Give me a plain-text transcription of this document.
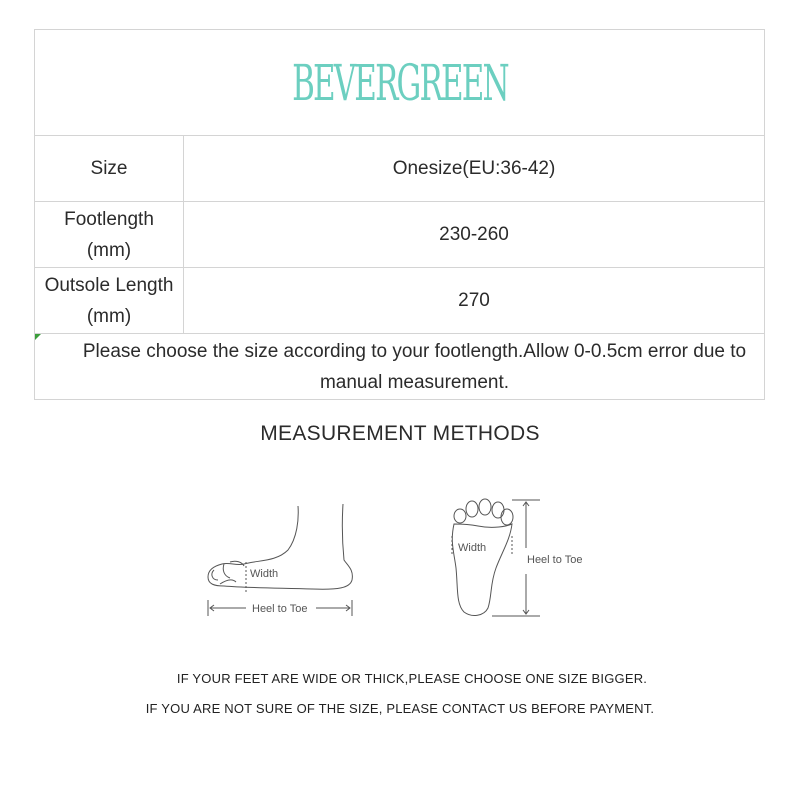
BEVERGREEN
Size	Onesize(EU:36-42)
Footlength
(mm)
230-260
Outsole Length
(mm)
270
Please choose the size according to your footlength.Allow 0-0.5cm error due to manual measurement.
MEASUREMENT METHODS
Width
Heel to Toe
Width
Heel to Toe
IF YOUR FEET ARE WIDE OR THICK,PLEASE CHOOSE ONE SIZE BIGGER.
IF YOU ARE NOT SURE OF THE SIZE, PLEASE CONTACT US BEFORE PAYMENT.
